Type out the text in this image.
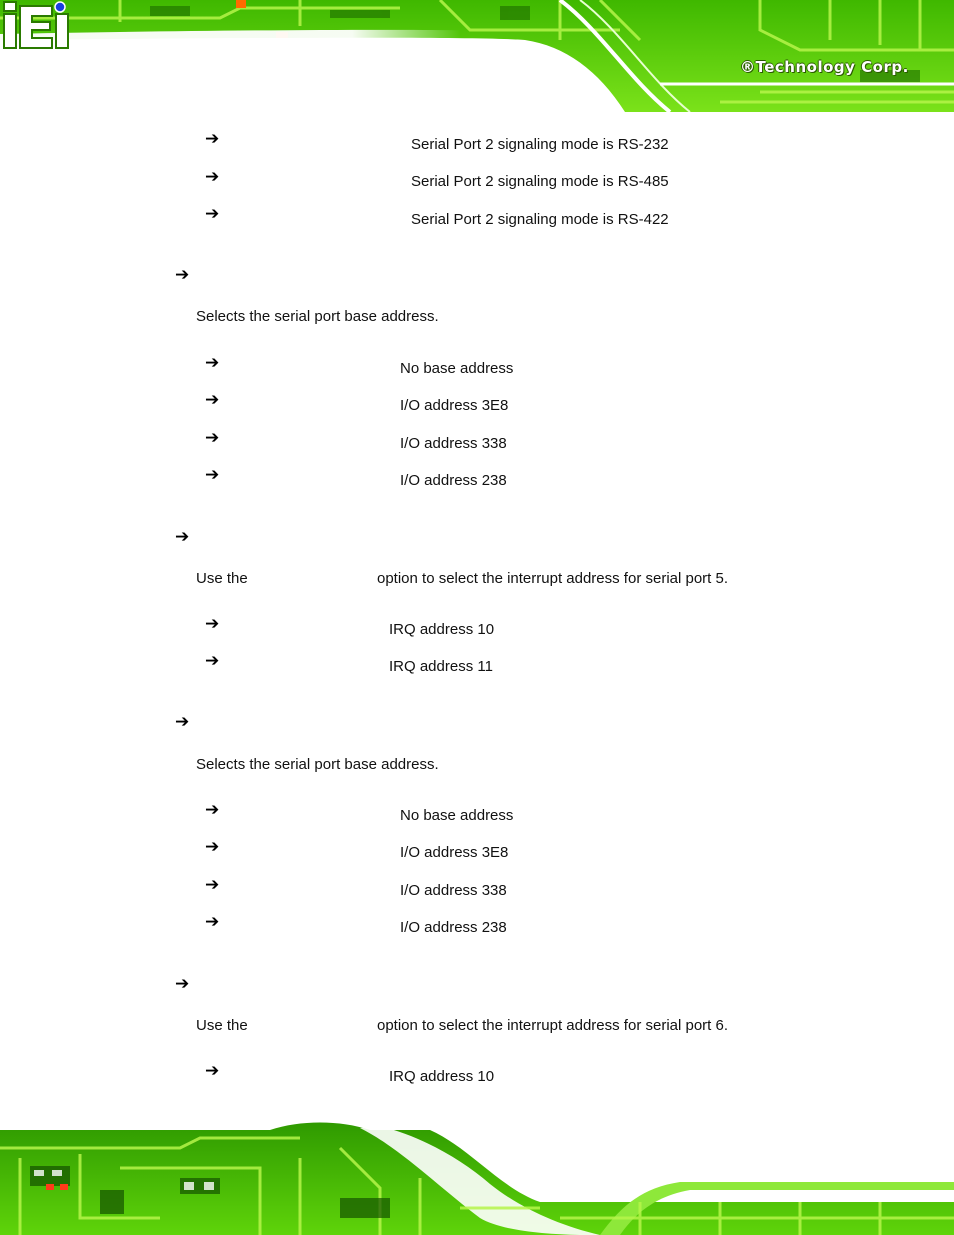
®Technology Corp.
➔	Serial Port 2 signaling mode is RS-232
➔	Serial Port 2 signaling mode is RS-485
➔	Serial Port 2 signaling mode is RS-422
➔
Selects the serial port base address.
➔	No base address
➔	I/O address 3E8
➔	I/O address 338
➔	I/O address 238
➔
Use the	option to select the interrupt address for serial port 5.
➔	IRQ address 10
➔	IRQ address 11
➔
Selects the serial port base address.
➔	No base address
➔	I/O address 3E8
➔	I/O address 338
➔	I/O address 238
➔
Use the	option to select the interrupt address for serial port 6.
➔	IRQ address 10
